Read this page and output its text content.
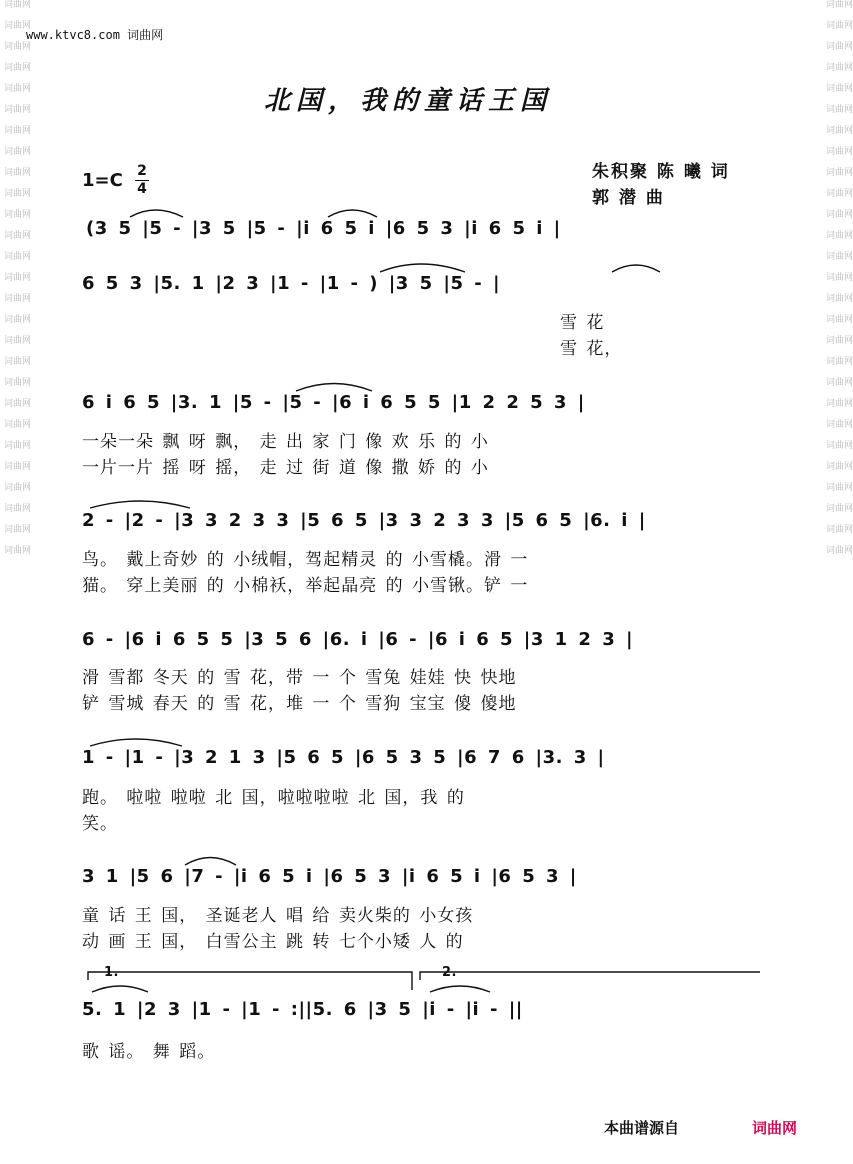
词曲网
词曲网
词曲网
词曲网
词曲网
词曲网
词曲网
词曲网
词曲网
词曲网
词曲网
词曲网
词曲网
词曲网
词曲网
词曲网
词曲网
词曲网
词曲网
词曲网
词曲网
词曲网
词曲网
词曲网
词曲网
词曲网
词曲网
词曲网
词曲网
词曲网
词曲网
词曲网
词曲网
词曲网
词曲网
词曲网
词曲网
词曲网
词曲网
词曲网
词曲网
词曲网
词曲网
词曲网
词曲网
词曲网
词曲网
词曲网
词曲网
词曲网
词曲网
词曲网
词曲网
词曲网
www.ktvc8.com 词曲网
北国，我的童话王国
1=C 2
4
朱积聚 陈 曦 词
郭 潜 曲
(3 5 |5 - |3 5 |5 - |i 6 5 i |6 5 3 |i 6 5 i |
6 5 3 |5. 1 |2 3 |1 - |1 - ) |3 5 |5 - |
雪 花
雪 花，
6 i 6 5 |3. 1 |5 - |5 - |6 i 6 5 5 |1 2 2 5 3 |
一朵一朵 飘 呀 飘， 走 出 家 门 像 欢 乐 的 小
一片一片 摇 呀 摇， 走 过 街 道 像 撒 娇 的 小
2 - |2 - |3 3 2 3 3 |5 6 5 |3 3 2 3 3 |5 6 5 |6. i |
鸟。 戴上奇妙 的 小绒帽，驾起精灵 的 小雪橇。滑 一
猫。 穿上美丽 的 小棉袄，举起晶亮 的 小雪锹。铲 一
6 - |6 i 6 5 5 |3 5 6 |6. i |6 - |6 i 6 5 |3 1 2 3 |
滑 雪都 冬天 的 雪 花，带 一 个 雪兔 娃娃 快 快地
铲 雪城 春天 的 雪 花，堆 一 个 雪狗 宝宝 傻 傻地
1 - |1 - |3 2 1 3 |5 6 5 |6 5 3 5 |6 7 6 |3. 3 |
跑。 啦啦 啦啦 北 国，啦啦啦啦 北 国，我 的
笑。
3 1 |5 6 |7 - |i 6 5 i |6 5 3 |i 6 5 i |6 5 3 |
童 话 王 国， 圣诞老人 唱 给 卖火柴的 小女孩
动 画 王 国， 白雪公主 跳 转 七个小矮 人 的
1.	2.
5. 1 |2 3 |1 - |1 - :||5. 6 |3 5 |i - |i - ||
歌 谣。 舞 蹈。
本曲谱源自	词曲网
